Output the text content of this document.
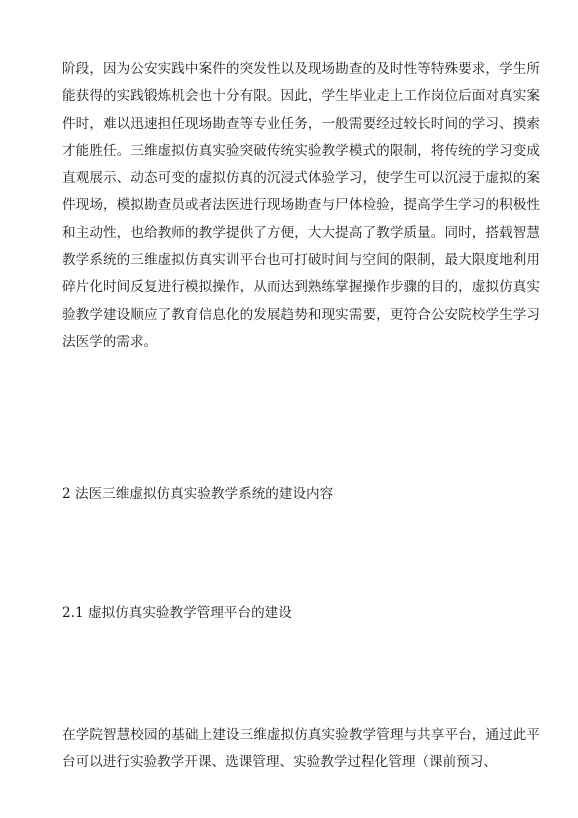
阶段，因为公安实践中案件的突发性以及现场勘查的及时性等特殊要求，学生所能获得的实践锻炼机会也十分有限。因此，学生毕业走上工作岗位后面对真实案件时，难以迅速担任现场勘查等专业任务，一般需要经过较长时间的学习、摸索才能胜任。三维虚拟仿真实验突破传统实验教学模式的限制，将传统的学习变成直观展示、动态可变的虚拟仿真的沉浸式体验学习，使学生可以沉浸于虚拟的案件现场，模拟勘查员或者法医进行现场勘查与尸体检验，提高学生学习的积极性和主动性，也给教师的教学提供了方便，大大提高了教学质量。同时，搭载智慧教学系统的三维虚拟仿真实训平台也可打破时间与空间的限制，最大限度地利用碎片化时间反复进行模拟操作，从而达到熟练掌握操作步骤的目的，虚拟仿真实验教学建设顺应了教育信息化的发展趋势和现实需要，更符合公安院校学生学习法医学的需求。

2 法医三维虚拟仿真实验教学系统的建设内容
2.1 虚拟仿真实验教学管理平台的建设

在学院智慧校园的基础上建设三维虚拟仿真实验教学管理与共享平台，通过此平台可以进行实验教学开课、选课管理、实验教学过程化管理（课前预习、
